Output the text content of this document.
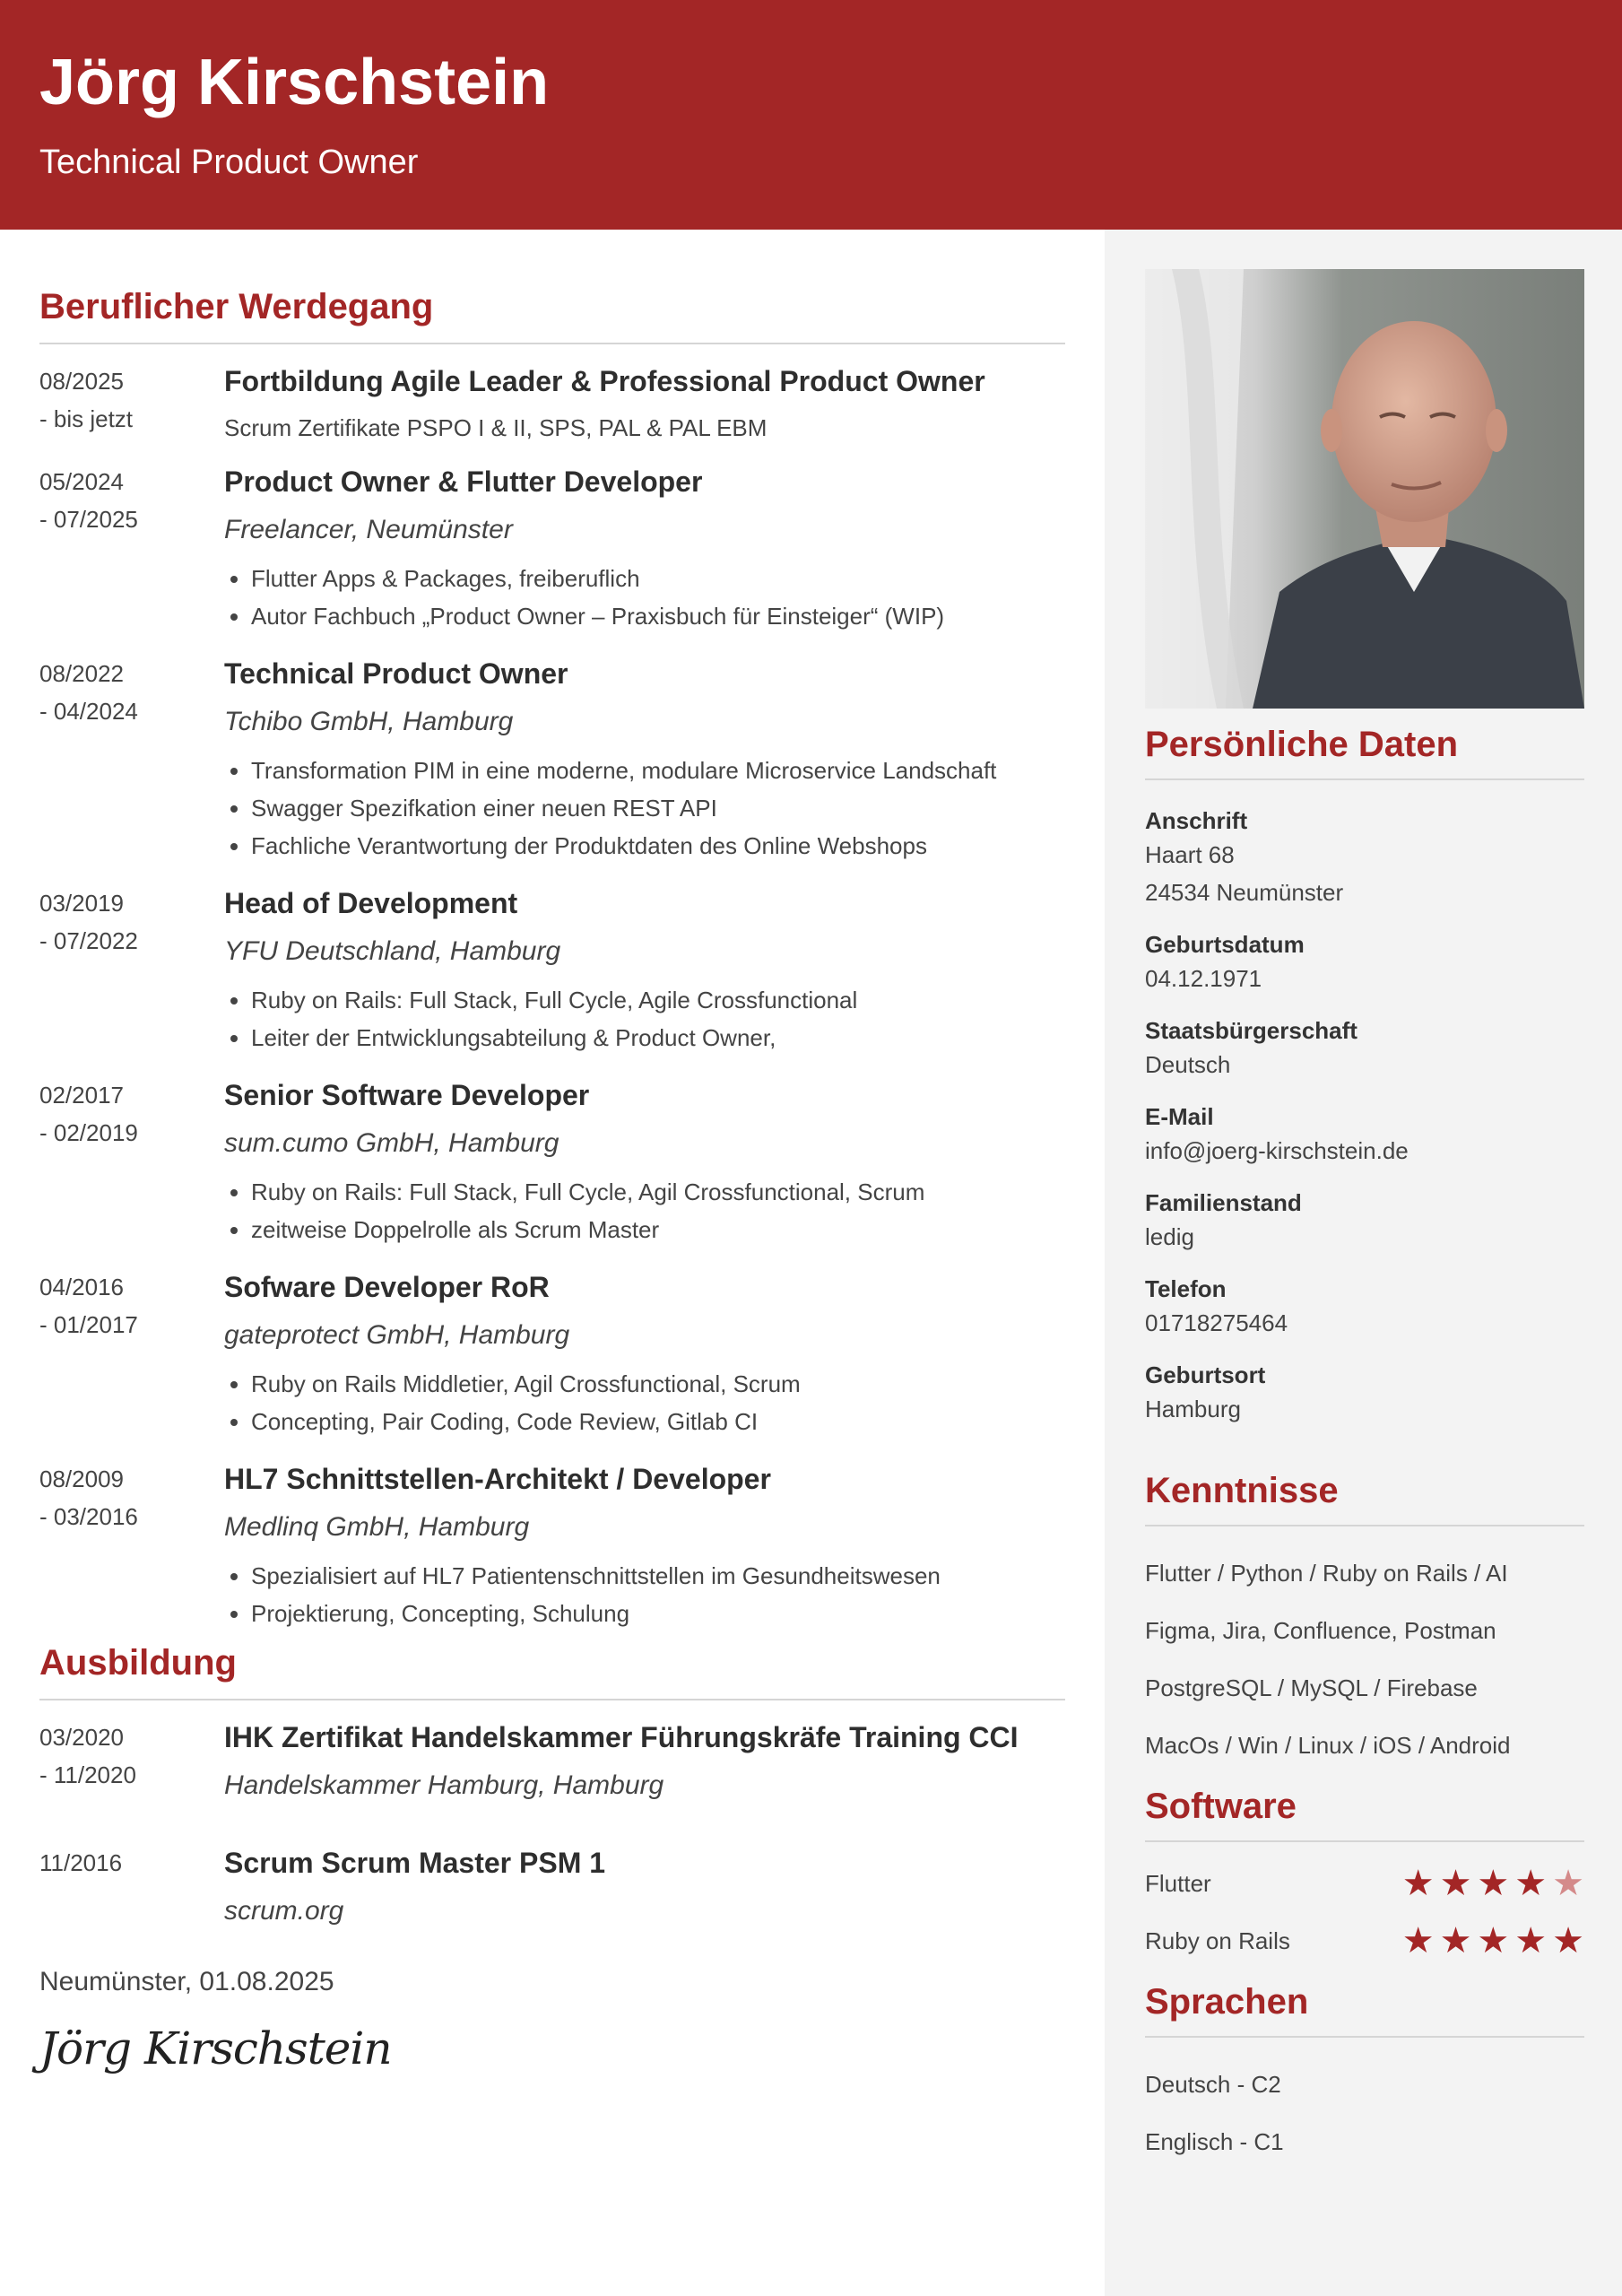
Jörg Kirschstein
Technical Product Owner
Beruflicher Werdegang
08/2025
- bis jetzt
Fortbildung Agile Leader & Professional Product Owner
Scrum Zertifikate PSPO I & II, SPS, PAL & PAL EBM
05/2024
- 07/2025
Product Owner & Flutter Developer
Freelancer, Neumünster
• Flutter Apps & Packages, freiberuflich
• Autor Fachbuch „Product Owner – Praxisbuch für Einsteiger“ (WIP)
08/2022
- 04/2024
Technical Product Owner
Tchibo GmbH, Hamburg
• Transformation PIM in eine moderne, modulare Microservice Landschaft
• Swagger Spezifkation einer neuen REST API
• Fachliche Verantwortung der Produktdaten des Online Webshops
03/2019
- 07/2022
Head of Development
YFU Deutschland, Hamburg
• Ruby on Rails: Full Stack, Full Cycle, Agile Crossfunctional
• Leiter der Entwicklungsabteilung & Product Owner,
02/2017
- 02/2019
Senior Software Developer
sum.cumo GmbH, Hamburg
• Ruby on Rails: Full Stack, Full Cycle, Agil Crossfunctional, Scrum
• zeitweise Doppelrolle als Scrum Master
04/2016
- 01/2017
Sofware Developer RoR
gateprotect GmbH, Hamburg
• Ruby on Rails Middletier, Agil Crossfunctional, Scrum
• Concepting, Pair Coding, Code Review, Gitlab CI
08/2009
- 03/2016
HL7 Schnittstellen-Architekt / Developer
Medlinq GmbH, Hamburg
• Spezialisiert auf HL7 Patientenschnittstellen im Gesundheitswesen
• Projektierung, Concepting, Schulung
Ausbildung
03/2020
- 11/2020
IHK Zertifikat Handelskammer Führungskräfe Training CCI
Handelskammer Hamburg, Hamburg
11/2016	Scrum Scrum Master PSM 1
scrum.org
Neumünster, 01.08.2025
Jörg Kirschstein
Persönliche Daten
Anschrift
Haart 68
24534 Neumünster
Geburtsdatum
04.12.1971
Staatsbürgerschaft
Deutsch
E-Mail
info@joerg-kirschstein.de
Familienstand
ledig
Telefon
01718275464
Geburtsort
Hamburg
Kenntnisse
Flutter / Python / Ruby on Rails / AI
Figma, Jira, Confluence, Postman
PostgreSQL / MySQL / Firebase
MacOs / Win / Linux / iOS / Android
Software
Flutter	★ ★ ★ ★ ★
Ruby on Rails	★ ★ ★ ★ ★
Sprachen
Deutsch - C2
Englisch - C1
